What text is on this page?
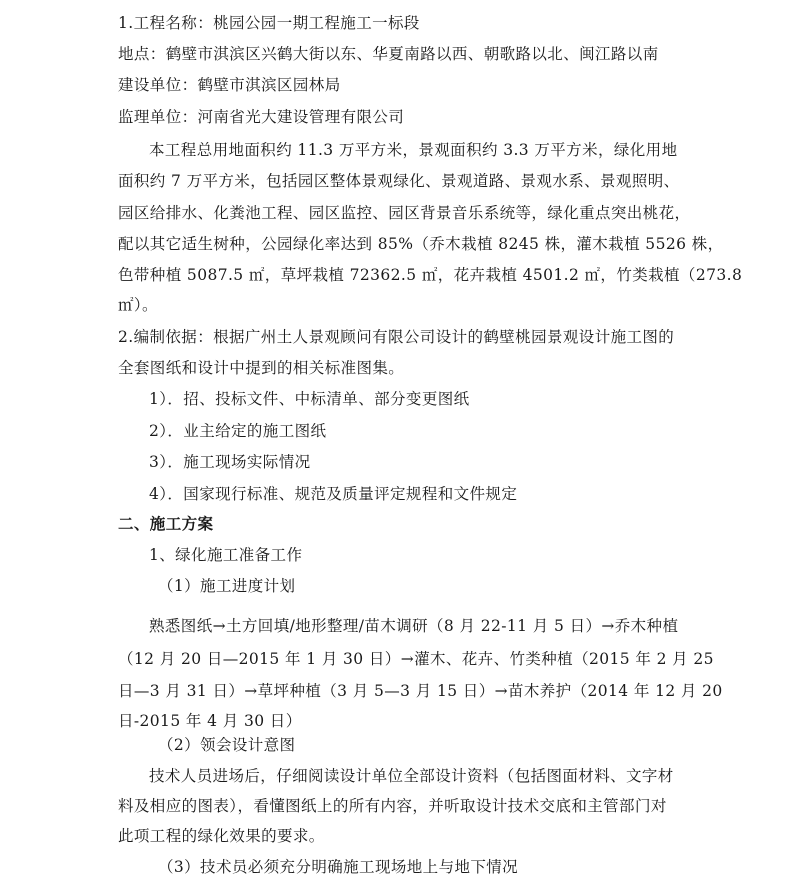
1.工程名称：桃园公园一期工程施工一标段
地点：鹤壁市淇滨区兴鹤大街以东、华夏南路以西、朝歌路以北、闽江路以南
建设单位：鹤壁市淇滨区园林局
监理单位：河南省光大建设管理有限公司
本工程总用地面积约 11.3 万平方米，景观面积约 3.3 万平方米，绿化用地
面积约 7 万平方米，包括园区整体景观绿化、景观道路、景观水系、景观照明、
园区给排水、化粪池工程、园区监控、园区背景音乐系统等，绿化重点突出桃花，
配以其它适生树种，公园绿化率达到 85%（乔木栽植 8245 株，灌木栽植 5526 株，
色带种植 5087.5 ㎡，草坪栽植 72362.5 ㎡，花卉栽植 4501.2 ㎡，竹类栽植（273.8
㎡）。
2.编制依据：根据广州土人景观顾问有限公司设计的鹤壁桃园景观设计施工图的
全套图纸和设计中提到的相关标准图集。
1）．招、投标文件、中标清单、部分变更图纸
2）．业主给定的施工图纸
3）．施工现场实际情况
4）．国家现行标准、规范及质量评定规程和文件规定
二、施工方案
1、绿化施工准备工作
（1）施工进度计划
熟悉图纸→土方回填/地形整理/苗木调研（8 月 22-11 月 5 日）→乔木种植
（12 月 20 日—2015 年 1 月 30 日）→灌木、花卉、竹类种植（2015 年 2 月 25
日—3 月 31 日）→草坪种植（3 月 5—3 月 15 日）→苗木养护（2014 年 12 月 20
日-2015 年 4 月 30 日）
（2）领会设计意图
技术人员进场后，仔细阅读设计单位全部设计资料（包括图面材料、文字材
料及相应的图表），看懂图纸上的所有内容，并听取设计技术交底和主管部门对
此项工程的绿化效果的要求。
（3）技术员必须充分明确施工现场地上与地下情况
